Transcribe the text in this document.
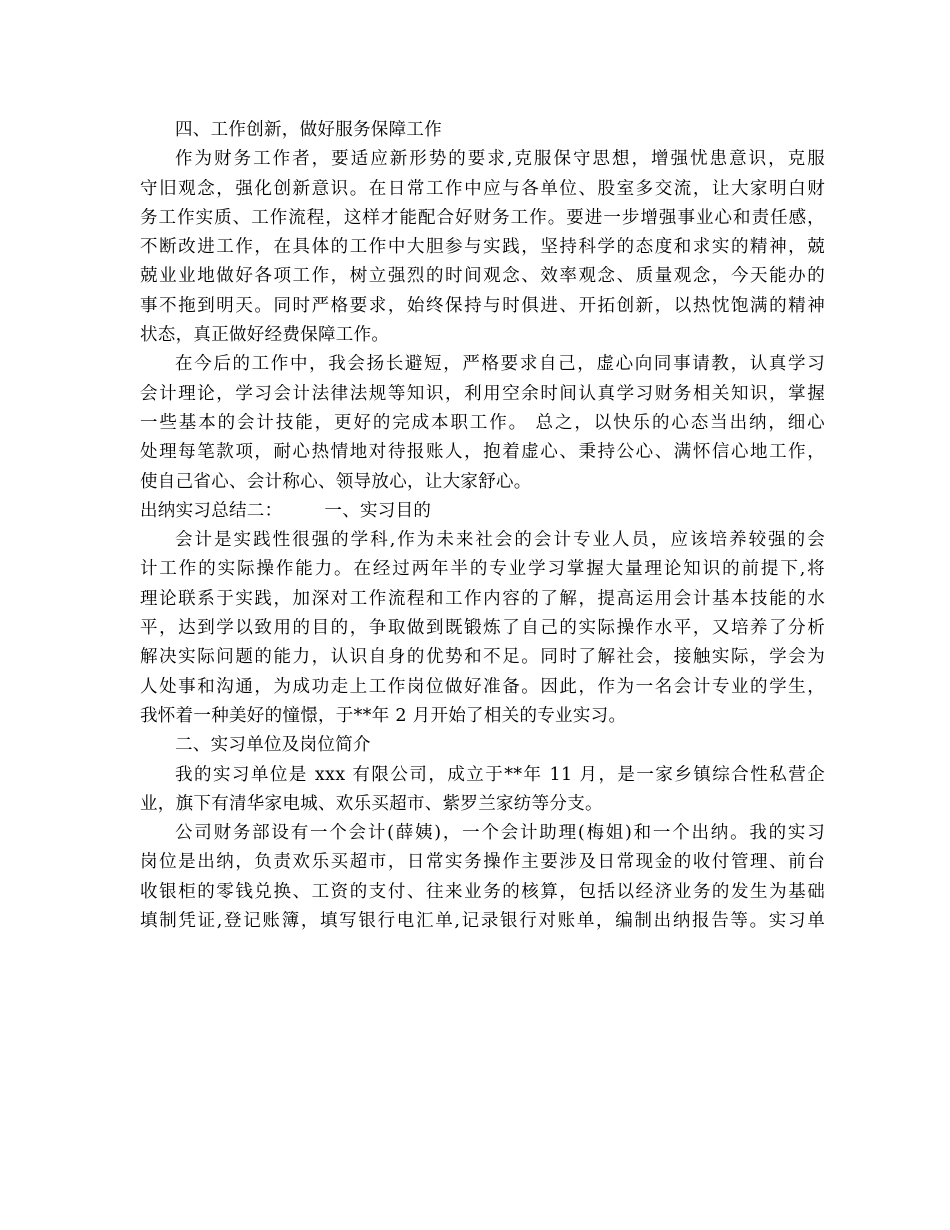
四、工作创新，做好服务保障工作
作为财务工作者，要适应新形势的要求,克服保守思想，增强忧患意识，克服
守旧观念，强化创新意识。在日常工作中应与各单位、股室多交流，让大家明白财
务工作实质、工作流程，这样才能配合好财务工作。要进一步增强事业心和责任感，
不断改进工作，在具体的工作中大胆参与实践，坚持科学的态度和求实的精神，兢
兢业业地做好各项工作，树立强烈的时间观念、效率观念、质量观念，今天能办的
事不拖到明天。同时严格要求，始终保持与时俱进、开拓创新，以热忱饱满的精神
状态，真正做好经费保障工作。
在今后的工作中，我会扬长避短，严格要求自己，虚心向同事请教，认真学习
会计理论，学习会计法律法规等知识，利用空余时间认真学习财务相关知识，掌握
一些基本的会计技能，更好的完成本职工作。 总之，以快乐的心态当出纳，细心
处理每笔款项，耐心热情地对待报账人，抱着虚心、秉持公心、满怀信心地工作，
使自己省心、会计称心、领导放心，让大家舒心。
出纳实习总结二： 一、实习目的
会计是实践性很强的学科,作为未来社会的会计专业人员，应该培养较强的会
计工作的实际操作能力。在经过两年半的专业学习掌握大量理论知识的前提下,将
理论联系于实践，加深对工作流程和工作内容的了解，提高运用会计基本技能的水
平，达到学以致用的目的，争取做到既锻炼了自己的实际操作水平，又培养了分析
解决实际问题的能力，认识自身的优势和不足。同时了解社会，接触实际，学会为
人处事和沟通，为成功走上工作岗位做好准备。因此，作为一名会计专业的学生，
我怀着一种美好的憧憬，于**年 2 月开始了相关的专业实习。
二、实习单位及岗位简介
我的实习单位是 xxx 有限公司，成立于**年 11 月，是一家乡镇综合性私营企
业，旗下有清华家电城、欢乐买超市、紫罗兰家纺等分支。
公司财务部设有一个会计(薛姨)，一个会计助理(梅姐)和一个出纳。我的实习
岗位是出纳，负责欢乐买超市，日常实务操作主要涉及日常现金的收付管理、前台
收银柜的零钱兑换、工资的支付、往来业务的核算，包括以经济业务的发生为基础
填制凭证,登记账簿，填写银行电汇单,记录银行对账单，编制出纳报告等。实习单
